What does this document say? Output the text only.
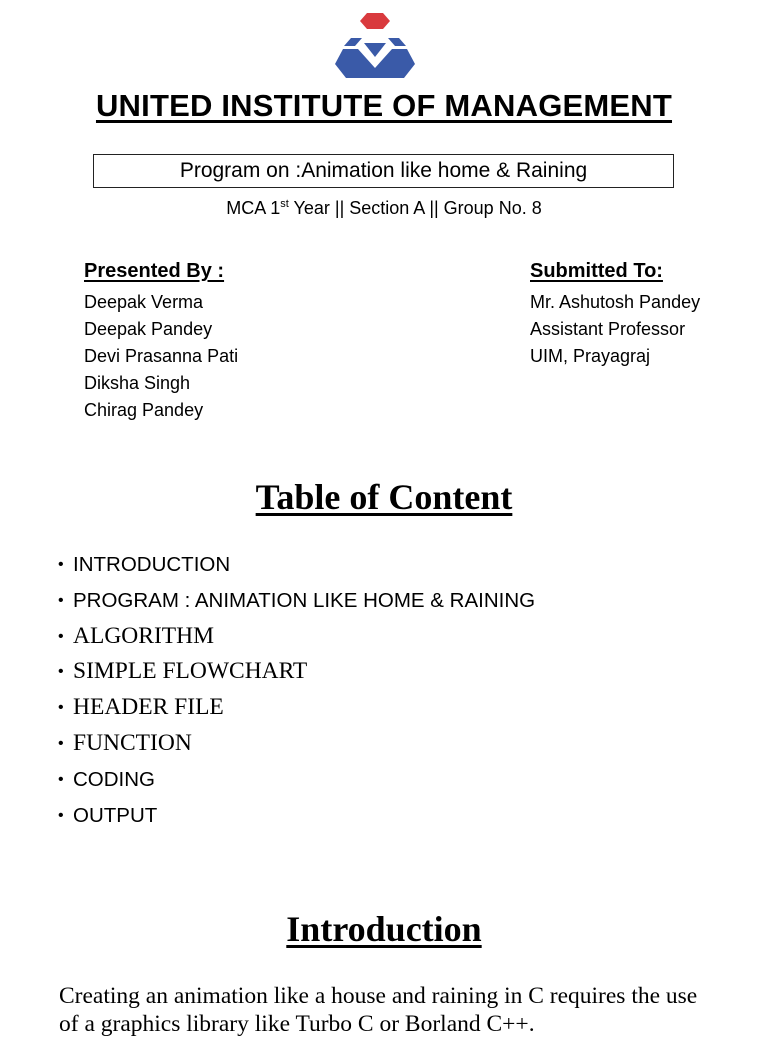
UNITED INSTITUTE OF MANAGEMENT
Program on :Animation like home & Raining
MCA 1st Year || Section A || Group No. 8
Presented By :
Deepak Verma
Deepak Pandey
Devi Prasanna Pati
Diksha Singh
Chirag Pandey
Submitted To:
Mr. Ashutosh Pandey
Assistant Professor
UIM, Prayagraj
Table of Content
• INTRODUCTION
• PROGRAM : ANIMATION LIKE HOME & RAINING
• ALGORITHM
• SIMPLE FLOWCHART
• HEADER FILE
• FUNCTION
• CODING
• OUTPUT
Introduction

Creating an animation like a house and raining in C requires the use of a graphics library like Turbo C or Borland C++.
